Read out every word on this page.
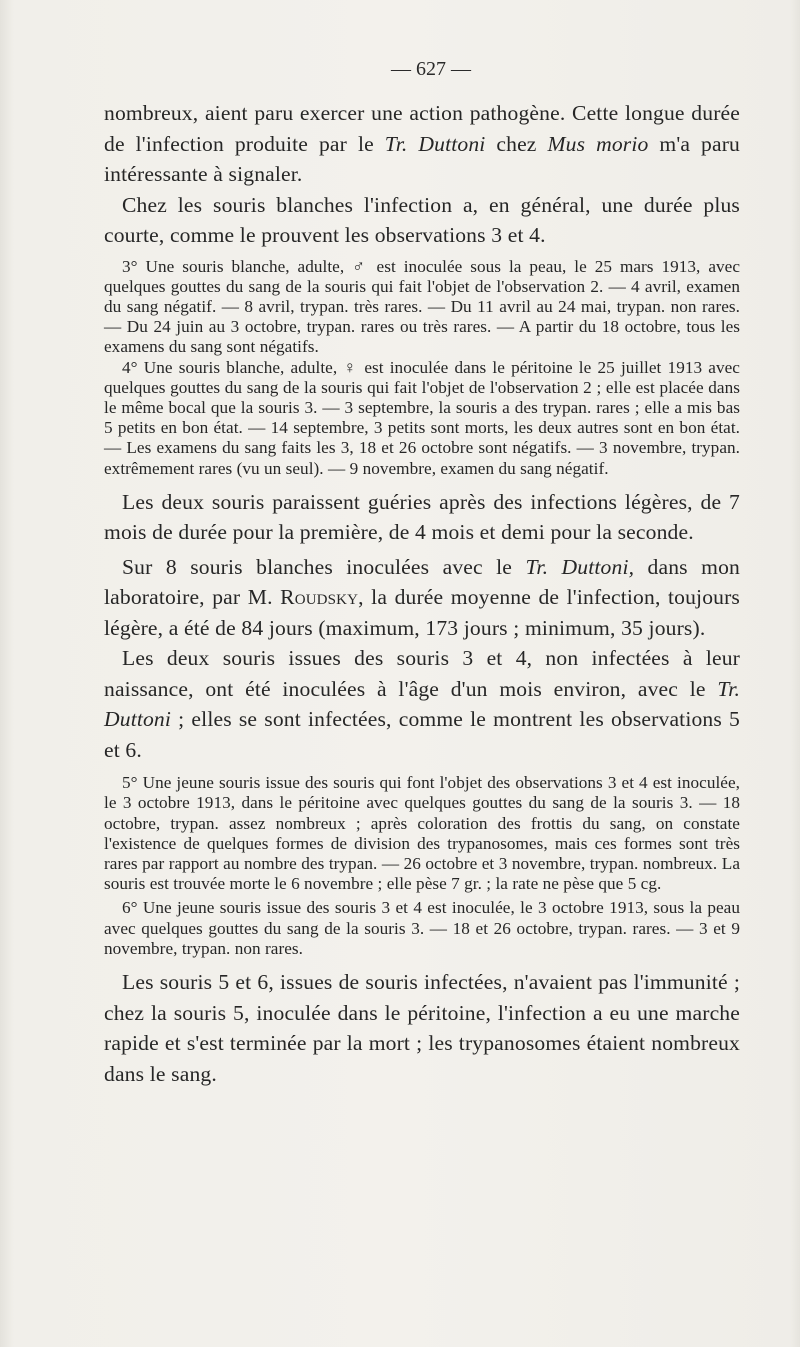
— 627 —

nombreux, aient paru exercer une action pathogène. Cette longue durée de l'infection produite par le Tr. Duttoni chez Mus morio m'a paru intéressante à signaler.

Chez les souris blanches l'infection a, en général, une durée plus courte, comme le prouvent les observations 3 et 4.

3° Une souris blanche, adulte, ♂ est inoculée sous la peau, le 25 mars 1913, avec quelques gouttes du sang de la souris qui fait l'objet de l'observation 2. — 4 avril, examen du sang négatif. — 8 avril, trypan. très rares. — Du 11 avril au 24 mai, trypan. non rares. — Du 24 juin au 3 octobre, trypan. rares ou très rares. — A partir du 18 octobre, tous les examens du sang sont négatifs.

4° Une souris blanche, adulte, ♀ est inoculée dans le péritoine le 25 juillet 1913 avec quelques gouttes du sang de la souris qui fait l'objet de l'observation 2 ; elle est placée dans le même bocal que la souris 3. — 3 septembre, la souris a des trypan. rares ; elle a mis bas 5 petits en bon état. — 14 septembre, 3 petits sont morts, les deux autres sont en bon état. — Les examens du sang faits les 3, 18 et 26 octobre sont négatifs. — 3 novembre, trypan. extrêmement rares (vu un seul). — 9 novembre, examen du sang négatif.

Les deux souris paraissent guéries après des infections légères, de 7 mois de durée pour la première, de 4 mois et demi pour la seconde.

Sur 8 souris blanches inoculées avec le Tr. Duttoni, dans mon laboratoire, par M. Roudsky, la durée moyenne de l'infection, toujours légère, a été de 84 jours (maximum, 173 jours ; minimum, 35 jours).

Les deux souris issues des souris 3 et 4, non infectées à leur naissance, ont été inoculées à l'âge d'un mois environ, avec le Tr. Duttoni ; elles se sont infectées, comme le montrent les observations 5 et 6.

5° Une jeune souris issue des souris qui font l'objet des observations 3 et 4 est inoculée, le 3 octobre 1913, dans le péritoine avec quelques gouttes du sang de la souris 3. — 18 octobre, trypan. assez nombreux ; après coloration des frottis du sang, on constate l'existence de quelques formes de division des trypanosomes, mais ces formes sont très rares par rapport au nombre des trypan. — 26 octobre et 3 novembre, trypan. nombreux. La souris est trouvée morte le 6 novembre ; elle pèse 7 gr. ; la rate ne pèse que 5 cg.

6° Une jeune souris issue des souris 3 et 4 est inoculée, le 3 octobre 1913, sous la peau avec quelques gouttes du sang de la souris 3. — 18 et 26 octobre, trypan. rares. — 3 et 9 novembre, trypan. non rares.

Les souris 5 et 6, issues de souris infectées, n'avaient pas l'immunité ; chez la souris 5, inoculée dans le péritoine, l'infection a eu une marche rapide et s'est terminée par la mort ; les trypanosomes étaient nombreux dans le sang.
